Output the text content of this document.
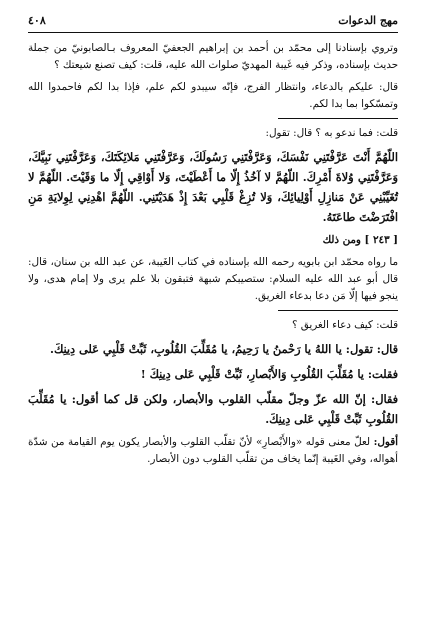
٤٠٨	مهج الدعوات

وتروي بإسنادنا إلى محمّد بن أحمد بن إبراهيم الجعفيّ المعروف بـالصابونيّ من جملة حديث بإسناده، وذكر فيه غَيبة المهديّ صلوات الله عليه، قلت: كيف تصنع شيعتك ؟

قال: عليكم بالدعاء، وانتظار الفرج، فإنّه سيبدو لكم علم، فإذا بدا لكم فاحمدوا الله وتمسّكوا بما بدا لكم.

قلت: فما ندعو به ؟ قال: تقول:

اللّهُمَّ أَنْتَ عَرَّفْتَنِي نَفْسَكَ، وَعَرَّفْتَنِي رَسُولَكَ، وَعَرَّفْتَنِي مَلائِكَتَكَ، وَعَرَّفْتَنِي نَبِيَّكَ، وَعَرَّفْتَنِي وُلاةَ أَمْرِكَ. اللّهُمَّ لا آخُذُ إِلّا ما أَعْطَيْتَ، وَلا أَوْاقِي إِلّا ما وَقَيْتَ. اللّهُمَّ لا تُغَيِّبْنِي عَنْ مَنازِلِ أَوْلِيائِكَ، وَلا تُزِغْ قَلْبِي بَعْدَ إِذْ هَدَيْتَنِي. اللّهُمَّ اهْدِنِي لِوِلايَةِ مَنِ افْتَرَضْتَ طاعَتَهُ.

[ ٢٤٣ ] ومن ذلك

ما رواه محمّد ابن بابويه رحمه الله بإسناده في كتاب الغَيبة، عن عبد الله بن سنان، قال: قال أبو عبد الله عليه السلام: ستصيبكم شبهة فتبقون بلا علم يرى ولا إمام هدى، ولا ينجو فيها إلّا مَن دعا بدعاء الغريق.

قلت: كيف دعاء الغريق ؟

قال: تقول: يا اللهُ يا رَحْمنُ يا رَحِيمُ، يا مُقَلِّبَ القُلُوبِ، ثَبِّتْ قَلْبِي عَلى دِينِكَ.

فقلت: يا مُقَلِّبَ القُلُوبِ وَالأَبْصارِ، ثَبِّتْ قَلْبِي عَلى دِينِكَ !

فقال: إنّ الله عزّ وجلّ مقلّب القلوب والأبصار، ولكن قل كما أقول: يا مُقَلِّبَ القُلُوبِ ثَبِّتْ قَلْبِي عَلى دِينِكَ.

أقول: لعلّ معنى قوله «والأَبْصارِ» لأنّ تقلّب القلوب والأبصار يكون يوم القيامة من شدّة أهواله، وفي الغَيبة إنّما يخاف من تقلّب القلوب دون الأبصار.
